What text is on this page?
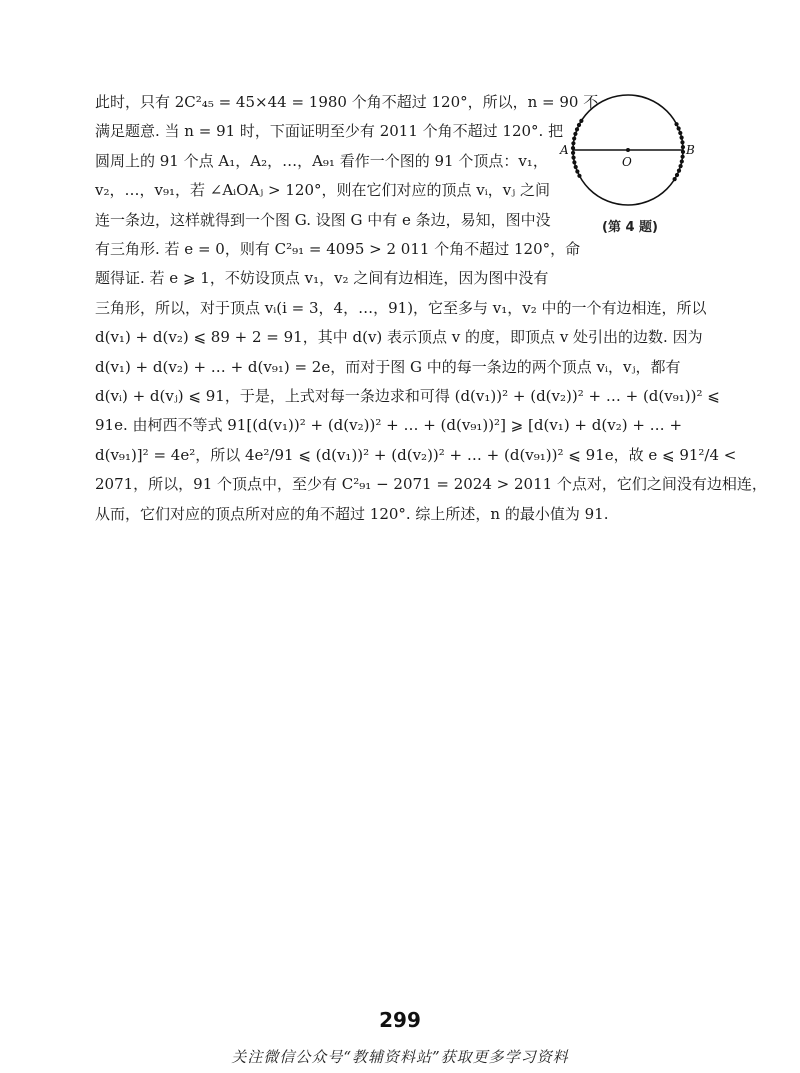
此时，只有 2C²₄₅ = 45×44 = 1980 个角不超过 120°，所以，n = 90 不
满足题意. 当 n = 91 时，下面证明至少有 2011 个角不超过 120°. 把
圆周上的 91 个点 A₁，A₂，…，A₉₁ 看作一个图的 91 个顶点：v₁，
v₂，…，v₉₁，若 ∠AᵢOAⱼ > 120°，则在它们对应的顶点 vᵢ，vⱼ 之间
连一条边，这样就得到一个图 G. 设图 G 中有 e 条边，易知，图中没
有三角形. 若 e = 0，则有 C²₉₁ = 4095 > 2 011 个角不超过 120°，命
题得证. 若 e ⩾ 1，不妨设顶点 v₁，v₂ 之间有边相连，因为图中没有
三角形，所以，对于顶点 vᵢ(i = 3，4，…，91)，它至多与 v₁，v₂ 中的一个有边相连，所以
d(v₁) + d(v₂) ⩽ 89 + 2 = 91，其中 d(v) 表示顶点 v 的度，即顶点 v 处引出的边数. 因为
d(v₁) + d(v₂) + … + d(v₉₁) = 2e，而对于图 G 中的每一条边的两个顶点 vᵢ，vⱼ，都有
d(vᵢ) + d(vⱼ) ⩽ 91，于是，上式对每一条边求和可得 (d(v₁))² + (d(v₂))² + … + (d(v₉₁))² ⩽
91e. 由柯西不等式 91[(d(v₁))² + (d(v₂))² + … + (d(v₉₁))²] ⩾ [d(v₁) + d(v₂) + … +
d(v₉₁)]² = 4e²，所以 4e²/91 ⩽ (d(v₁))² + (d(v₂))² + … + (d(v₉₁))² ⩽ 91e，故 e ⩽ 91²/4 <
2071，所以，91 个顶点中，至少有 C²₉₁ − 2071 = 2024 > 2011 个点对，它们之间没有边相连，
从而，它们对应的顶点所对应的角不超过 120°. 综上所述，n 的最小值为 91.
A	B
O
(第 4 题)
299
关注微信公众号“教辅资料站”获取更多学习资料
